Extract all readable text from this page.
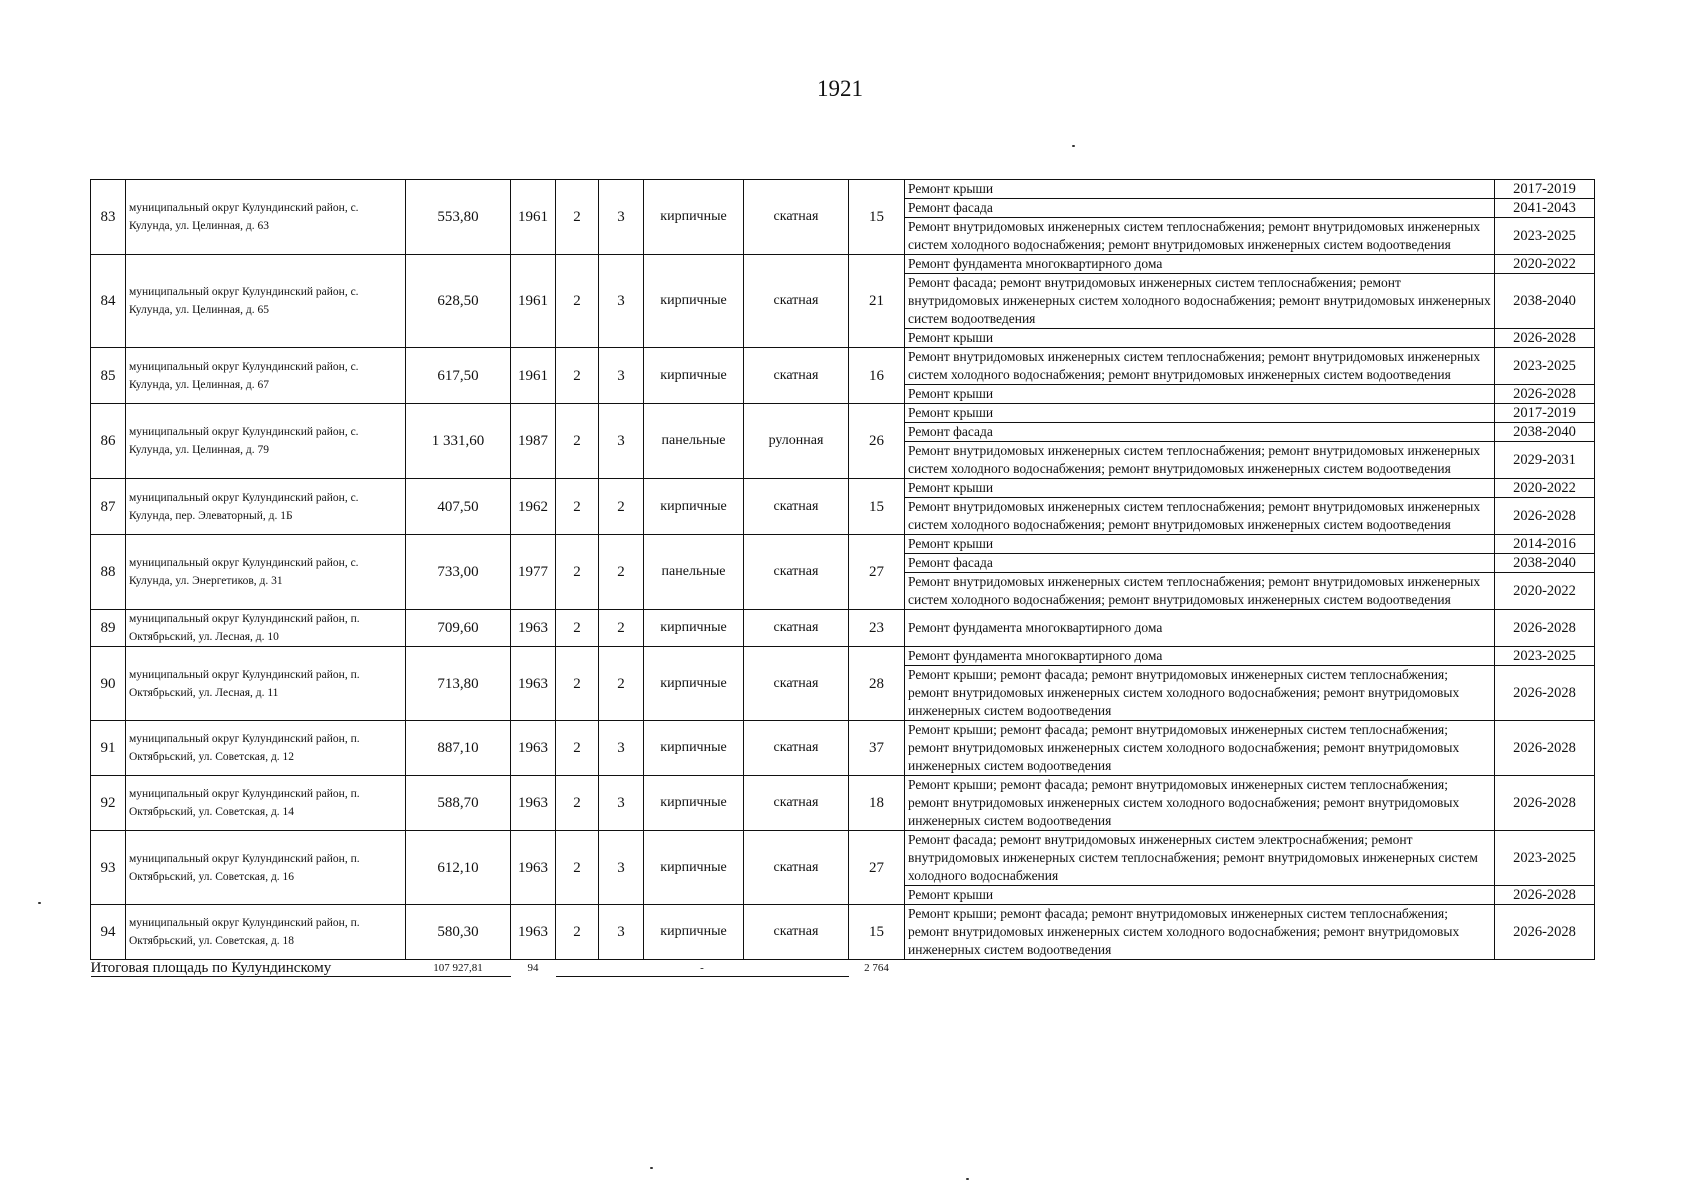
1921
83	муниципальный округ Кулундинский район, с. Кулунда, ул. Целинная, д. 63	553,80	1961	2	3	кирпичные	скатная	15	Ремонт крыши	2017-2019
									Ремонт фасада	2041-2043
									Ремонт внутридомовых инженерных систем теплоснабжения; ремонт внутридомовых инженерных систем холодного водоснабжения; ремонт внутридомовых инженерных систем водоотведения	2023-2025
84	муниципальный округ Кулундинский район, с. Кулунда, ул. Целинная, д. 65	628,50	1961	2	3	кирпичные	скатная	21	Ремонт фундамента многоквартирного дома	2020-2022
									Ремонт фасада; ремонт внутридомовых инженерных систем теплоснабжения; ремонт внутридомовых инженерных систем холодного водоснабжения; ремонт внутридомовых инженерных систем водоотведения	2038-2040
									Ремонт крыши	2026-2028
85	муниципальный округ Кулундинский район, с. Кулунда, ул. Целинная, д. 67	617,50	1961	2	3	кирпичные	скатная	16	Ремонт внутридомовых инженерных систем теплоснабжения; ремонт внутридомовых инженерных систем холодного водоснабжения; ремонт внутридомовых инженерных систем водоотведения	2023-2025
									Ремонт крыши	2026-2028
86	муниципальный округ Кулундинский район, с. Кулунда, ул. Целинная, д. 79	1 331,60	1987	2	3	панельные	рулонная	26	Ремонт крыши	2017-2019
									Ремонт фасада	2038-2040
									Ремонт внутридомовых инженерных систем теплоснабжения; ремонт внутридомовых инженерных систем холодного водоснабжения; ремонт внутридомовых инженерных систем водоотведения	2029-2031
87	муниципальный округ Кулундинский район, с. Кулунда, пер. Элеваторный, д. 1Б	407,50	1962	2	2	кирпичные	скатная	15	Ремонт крыши	2020-2022
									Ремонт внутридомовых инженерных систем теплоснабжения; ремонт внутридомовых инженерных систем холодного водоснабжения; ремонт внутридомовых инженерных систем водоотведения	2026-2028
88	муниципальный округ Кулундинский район, с. Кулунда, ул. Энергетиков, д. 31	733,00	1977	2	2	панельные	скатная	27	Ремонт крыши	2014-2016
									Ремонт фасада	2038-2040
									Ремонт внутридомовых инженерных систем теплоснабжения; ремонт внутридомовых инженерных систем холодного водоснабжения; ремонт внутридомовых инженерных систем водоотведения	2020-2022
89	муниципальный округ Кулундинский район, п. Октябрьский, ул. Лесная, д. 10	709,60	1963	2	2	кирпичные	скатная	23	Ремонт фундамента многоквартирного дома	2026-2028
90	муниципальный округ Кулундинский район, п. Октябрьский, ул. Лесная, д. 11	713,80	1963	2	2	кирпичные	скатная	28	Ремонт фундамента многоквартирного дома	2023-2025
									Ремонт крыши; ремонт фасада; ремонт внутридомовых инженерных систем теплоснабжения; ремонт внутридомовых инженерных систем холодного водоснабжения; ремонт внутридомовых инженерных систем водоотведения	2026-2028
91	муниципальный округ Кулундинский район, п. Октябрьский, ул. Советская, д. 12	887,10	1963	2	3	кирпичные	скатная	37	Ремонт крыши; ремонт фасада; ремонт внутридомовых инженерных систем теплоснабжения; ремонт внутридомовых инженерных систем холодного водоснабжения; ремонт внутридомовых инженерных систем водоотведения	2026-2028
92	муниципальный округ Кулундинский район, п. Октябрьский, ул. Советская, д. 14	588,70	1963	2	3	кирпичные	скатная	18	Ремонт крыши; ремонт фасада; ремонт внутридомовых инженерных систем теплоснабжения; ремонт внутридомовых инженерных систем холодного водоснабжения; ремонт внутридомовых инженерных систем водоотведения	2026-2028
93	муниципальный округ Кулундинский район, п. Октябрьский, ул. Советская, д. 16	612,10	1963	2	3	кирпичные	скатная	27	Ремонт фасада; ремонт внутридомовых инженерных систем электроснабжения; ремонт внутридомовых инженерных систем теплоснабжения; ремонт внутридомовых инженерных систем холодного водоснабжения	2023-2025
									Ремонт крыши	2026-2028
94	муниципальный округ Кулундинский район, п. Октябрьский, ул. Советская, д. 18	580,30	1963	2	3	кирпичные	скатная	15	Ремонт крыши; ремонт фасада; ремонт внутридомовых инженерных систем теплоснабжения; ремонт внутридомовых инженерных систем холодного водоснабжения; ремонт внутридомовых инженерных систем водоотведения	2026-2028
Итоговая площадь по Кулундинскому		107 927,81	94	-				2 764		
